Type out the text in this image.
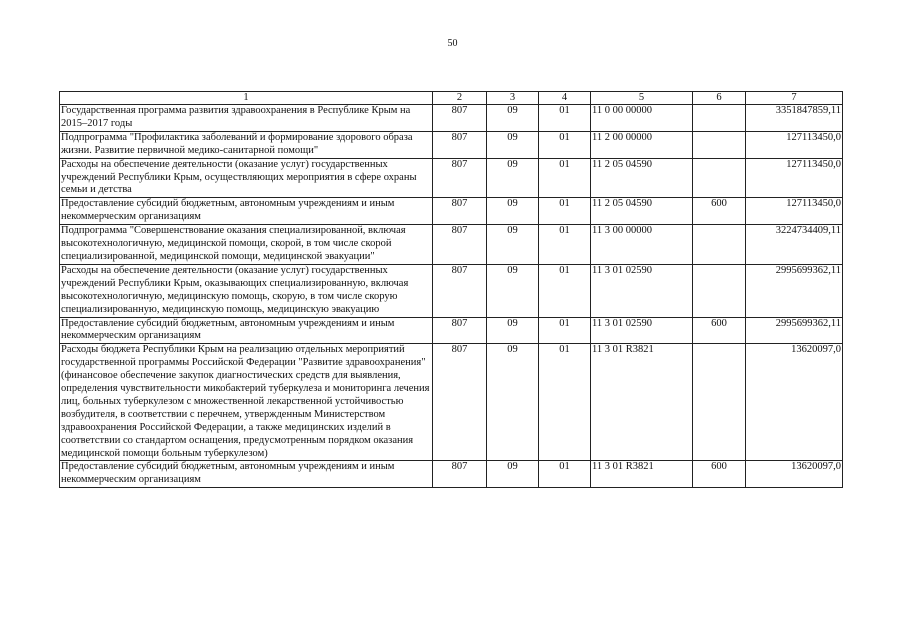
50
1	2	3	4	5	6	7
Государственная программа развития здравоохранения в Республике Крым на 2015–2017 годы	807	09	01	11 0 00 00000		3351847859,11
Подпрограмма "Профилактика заболеваний и формирование здорового образа жизни. Развитие первичной медико-санитарной помощи"	807	09	01	11 2 00 00000		127113450,0
Расходы на обеспечение деятельности (оказание услуг) государственных учреждений Республики Крым, осуществляющих мероприятия в сфере охраны семьи и детства	807	09	01	11 2 05 04590		127113450,0
Предоставление субсидий бюджетным, автономным учреждениям и иным некоммерческим организациям	807	09	01	11 2 05 04590	600	127113450,0
Подпрограмма "Совершенствование оказания специализированной, включая высокотехнологичную, медицинской помощи, скорой, в том числе скорой специализированной, медицинской помощи, медицинской эвакуации"	807	09	01	11 3 00 00000		3224734409,11
Расходы на обеспечение деятельности (оказание услуг) государственных учреждений Республики Крым, оказывающих специализированную, включая высокотехнологичную, медицинскую помощь, скорую, в том числе скорую специализированную, медицинскую помощь, медицинскую эвакуацию	807	09	01	11 3 01 02590		2995699362,11
Предоставление субсидий бюджетным, автономным учреждениям и иным некоммерческим организациям	807	09	01	11 3 01 02590	600	2995699362,11
Расходы бюджета Республики Крым на реализацию отдельных мероприятий государственной программы Российской Федерации "Развитие здравоохранения" (финансовое обеспечение закупок диагностических средств для выявления, определения чувствительности микобактерий туберкулеза и мониторинга лечения лиц, больных туберкулезом с множественной лекарственной устойчивостью возбудителя, в соответствии с перечнем, утвержденным Министерством здравоохранения Российской Федерации, а также медицинских изделий в соответствии со стандартом оснащения, предусмотренным порядком оказания медицинской помощи больным туберкулезом)	807	09	01	11 3 01 R3821		13620097,0
Предоставление субсидий бюджетным, автономным учреждениям и иным некоммерческим организациям	807	09	01	11 3 01 R3821	600	13620097,0
